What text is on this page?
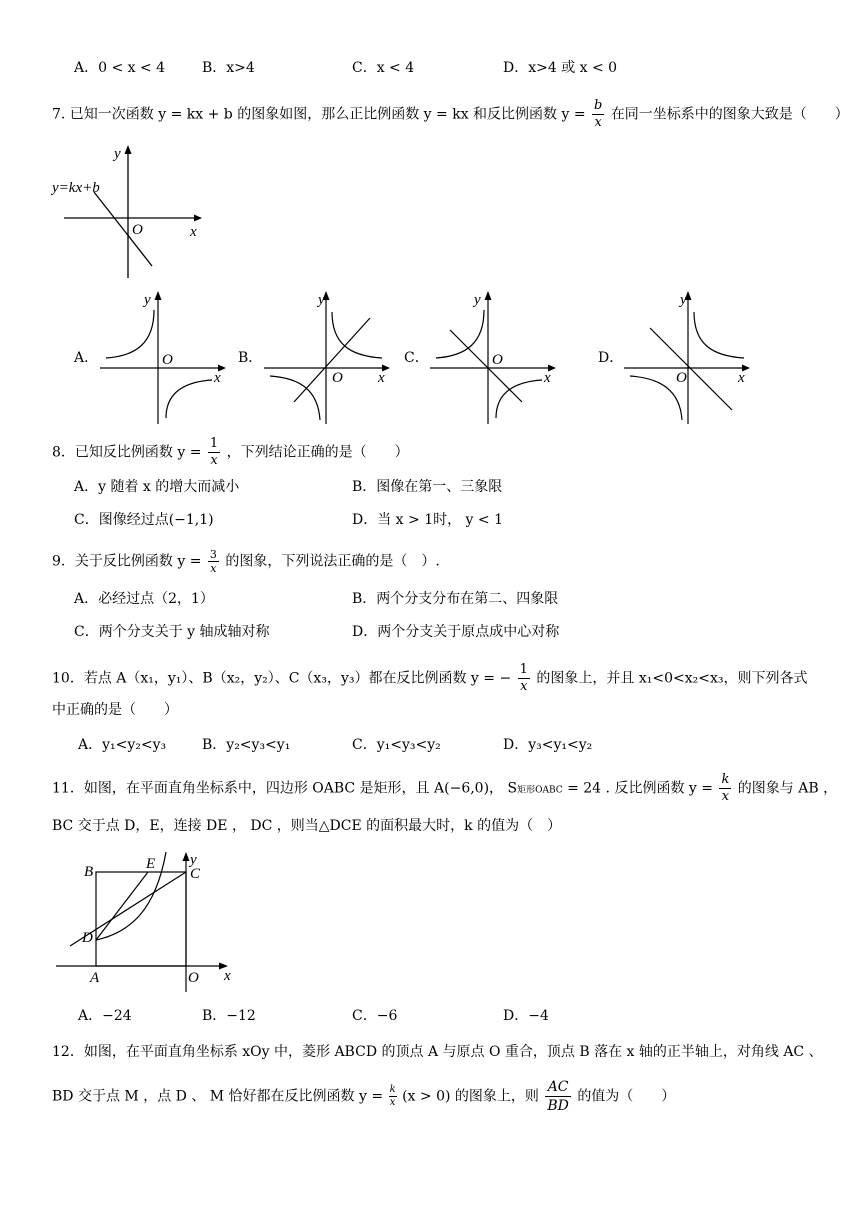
A．0 < x < 4	B．x>4	C．x < 4	D．x>4 或 x < 0
7. 已知一次函数 y = kx + b 的图象如图，那么正比例函数 y = kx 和反比例函数 $y = \frac{b}{x}$ 在同一坐标系中的图象大致是（　　）
y=kx+b
O	x
y
A．	O
x
y
B．
O x
y
C．	O
x
y
D．
O	x
y
8．已知反比例函数 $y = \frac{1}{x}$ ，下列结论正确的是（　　）
A．y 随着 x 的增大而减小	B．图像在第一、三象限
C．图像经过点(−1,1)	D．当 x > 1时， y < 1
9．关于反比例函数 $y = \frac{3}{x}$ 的图象，下列说法正确的是（　）.
A．必经过点（2，1）	B．两个分支分布在第二、四象限
C．两个分支关于 y 轴成轴对称	D．两个分支关于原点成中心对称
10．若点 A（x₁，y₁）、B（x₂，y₂）、C（x₃，y₃）都在反比例函数 y = − $\frac{1}{x}$ 的图象上，并且 x₁<0<x₂<x₃，则下列各式
中正确的是（　　）
A．y₁<y₂<y₃	B．y₂<y₃<y₁	C．y₁<y₃<y₂	D．y₃<y₁<y₂
11．如图，在平面直角坐标系中，四边形 OABC 是矩形，且 A(−6,0)， S矩形OABC = 24 . 反比例函数 $y = \frac{k}{x}$ 的图象与 AB ，
BC 交于点 D，E，连接 DE ， DC ，则当△DCE 的面积最大时，k 的值为（　）
B	E
C
D
A	O x
y
A．−24	B．−12	C．−6	D．−4
12．如图，在平面直角坐标系 xOy 中，菱形 ABCD 的顶点 A 与原点 O 重合，顶点 B 落在 x 轴的正半轴上，对角线 AC 、
BD 交于点 M ，点 D 、 M 恰好都在反比例函数 $y = \frac{k}{x} (x > 0)$ 的图象上，则 $\frac{AC}{BD}$ 的值为（　　）
